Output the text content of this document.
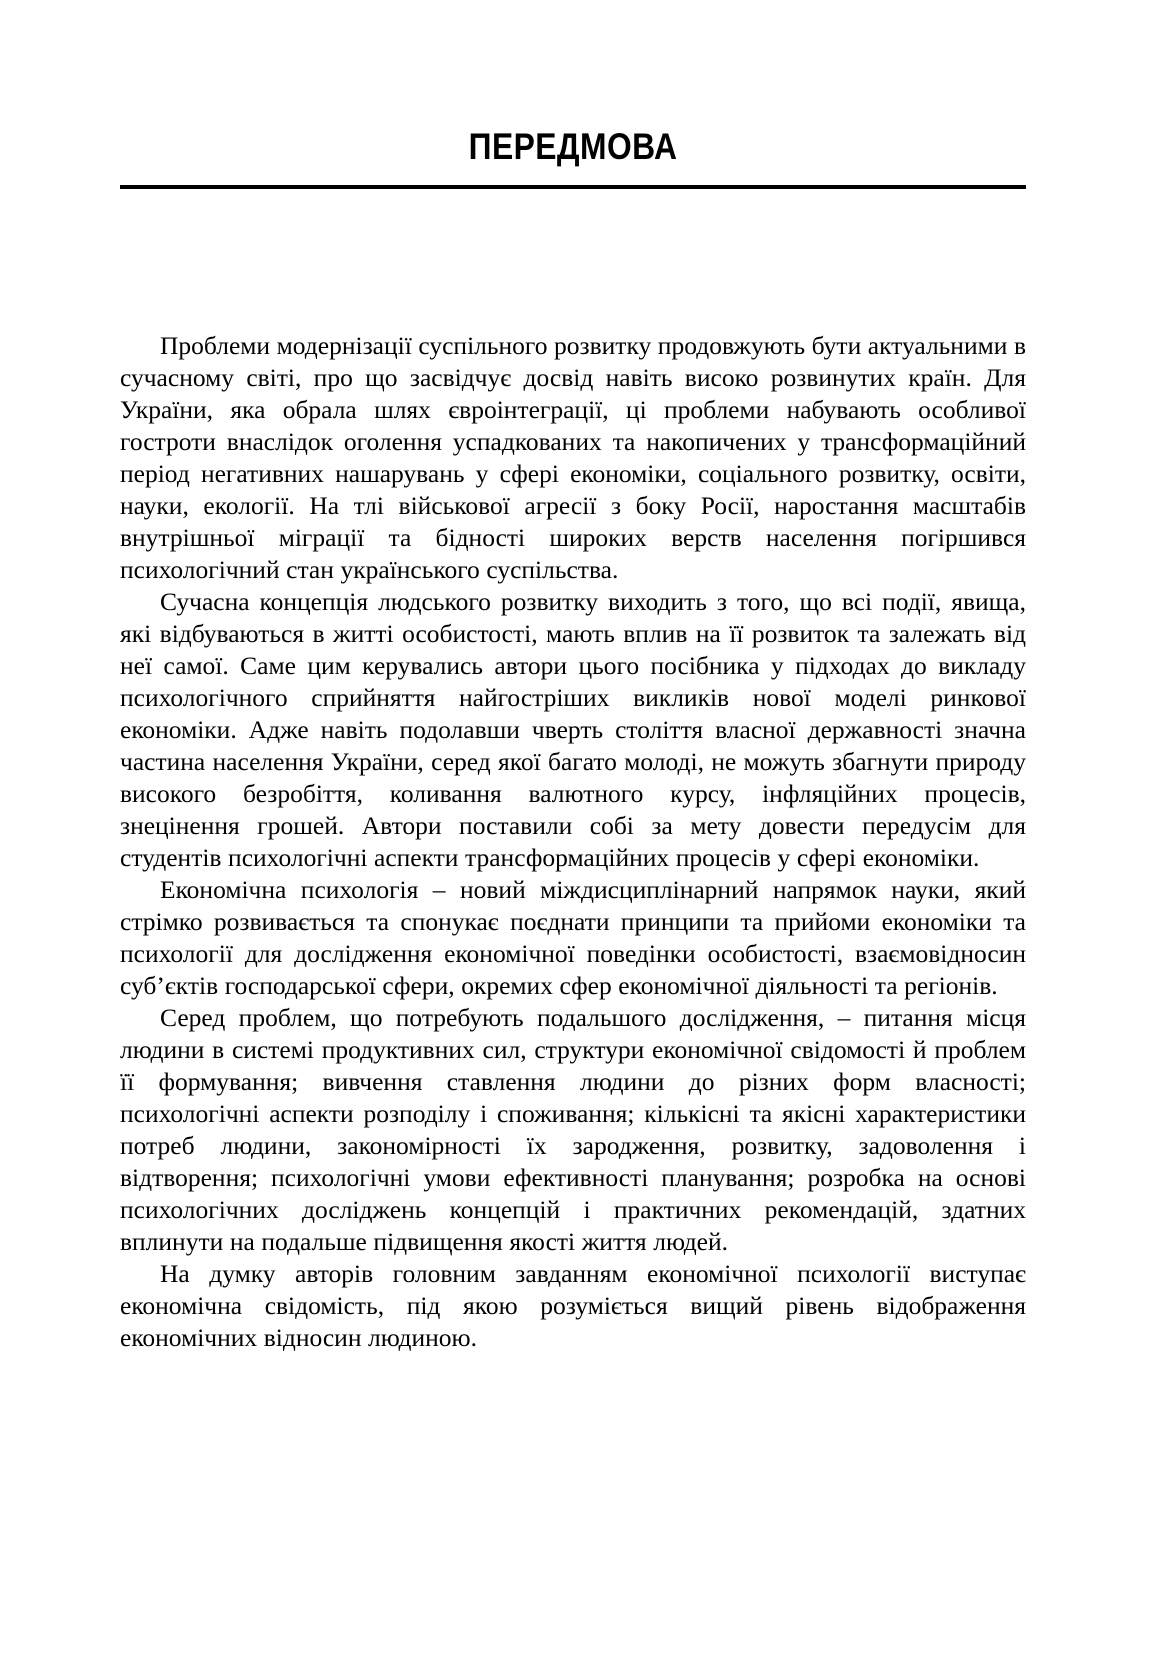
ПЕРЕДМОВА

Проблеми модернізації суспільного розвитку продовжують бути актуальними в сучасному світі, про що засвідчує досвід навіть високо розвинутих країн. Для України, яка обрала шлях євроінтеграції, ці проблеми набувають особливої гостроти внаслідок оголення успадкованих та накопичених у трансформаційний період негативних нашарувань у сфері економіки, соціального розвитку, освіти, науки, екології. На тлі військової агресії з боку Росії, наростання масштабів внутрішньої міграції та бідності широких верств населення погіршився психологічний стан українського суспільства.

Сучасна концепція людського розвитку виходить з того, що всі події, явища, які відбуваються в житті особистості, мають вплив на її розвиток та залежать від неї самої. Саме цим керувались автори цього посібника у підходах до викладу психологічного сприйняття найгостріших викликів нової моделі ринкової економіки. Адже навіть подолавши чверть століття власної державності значна частина населення України, серед якої багато молоді, не можуть збагнути природу високого безробіття, коливання валютного курсу, інфляційних процесів, знецінення грошей. Автори поставили собі за мету довести передусім для студентів психологічні аспекти трансформаційних процесів у сфері економіки.

Економічна психологія – новий міждисциплінарний напрямок науки, який стрімко розвивається та спонукає поєднати принципи та прийоми економіки та психології для дослідження економічної поведінки особистості, взаємовідносин суб’єктів господарської сфери, окремих сфер економічної діяльності та регіонів.

Серед проблем, що потребують подальшого дослідження, – питання місця людини в системі продуктивних сил, структури економічної свідомості й проблем її формування; вивчення ставлення людини до різних форм власності; психологічні аспекти розподілу і споживання; кількісні та якісні характеристики потреб людини, закономірності їх зародження, розвитку, задоволення і відтворення; психологічні умови ефективності планування; розробка на основі психологічних досліджень концепцій і практичних рекомендацій, здатних вплинути на подальше підвищення якості життя людей.

На думку авторів головним завданням економічної психології виступає економічна свідомість, під якою розуміється вищий рівень відображення економічних відносин людиною.
